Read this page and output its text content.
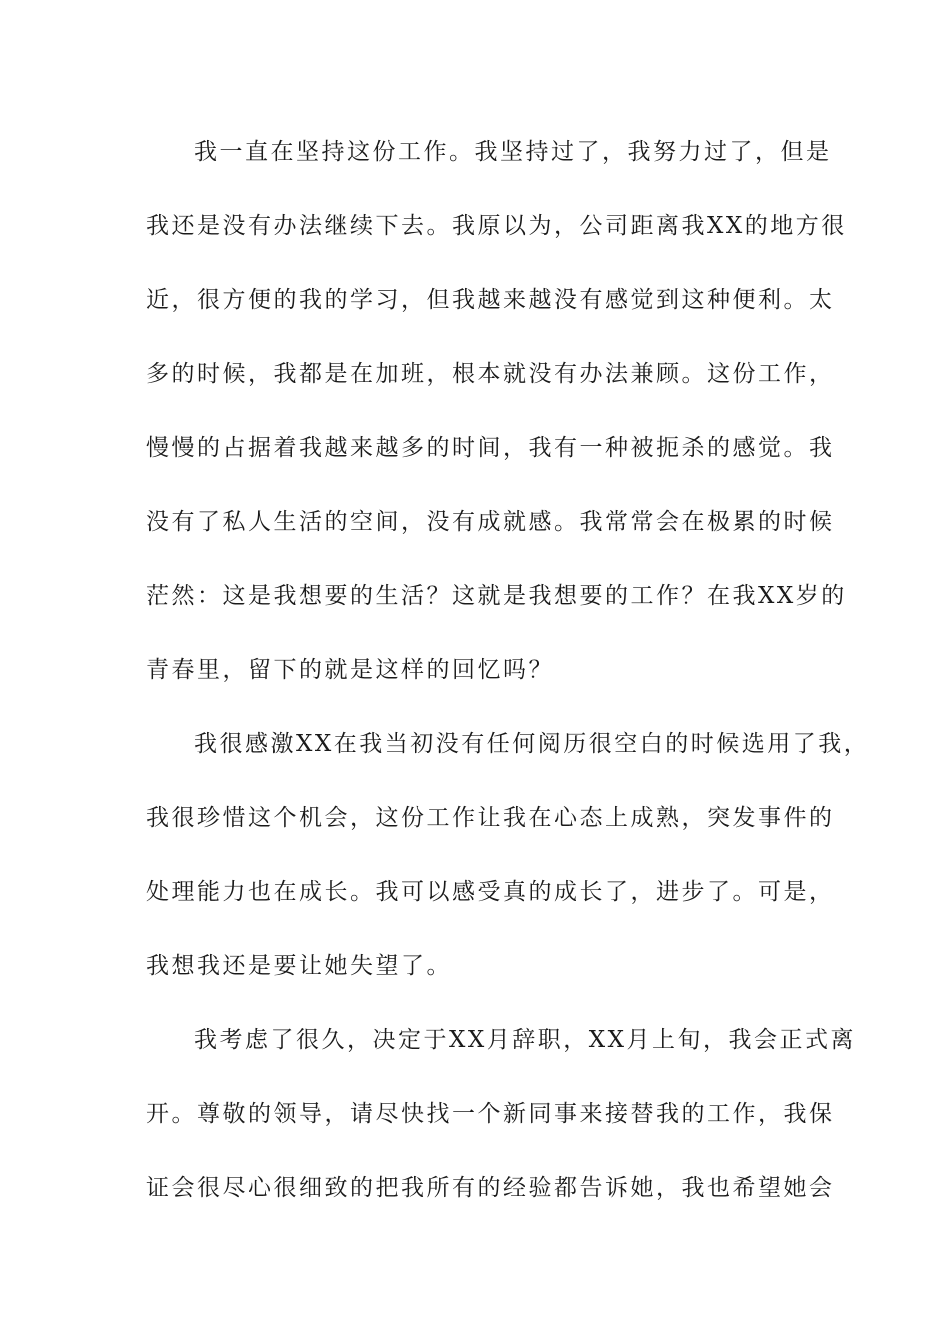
我一直在坚持这份工作。我坚持过了，我努力过了，但是
我还是没有办法继续下去。我原以为，公司距离我XX的地方很
近，很方便的我的学习，但我越来越没有感觉到这种便利。太
多的时候，我都是在加班，根本就没有办法兼顾。这份工作，
慢慢的占据着我越来越多的时间，我有一种被扼杀的感觉。我
没有了私人生活的空间，没有成就感。我常常会在极累的时候
茫然：这是我想要的生活？这就是我想要的工作？在我XX岁的
青春里，留下的就是这样的回忆吗？
我很感激XX在我当初没有任何阅历很空白的时候选用了我，
我很珍惜这个机会，这份工作让我在心态上成熟，突发事件的
处理能力也在成长。我可以感受真的成长了，进步了。可是，
我想我还是要让她失望了。
我考虑了很久，决定于XX月辞职，XX月上旬，我会正式离
开。尊敬的领导，请尽快找一个新同事来接替我的工作，我保
证会很尽心很细致的把我所有的经验都告诉她，我也希望她会
